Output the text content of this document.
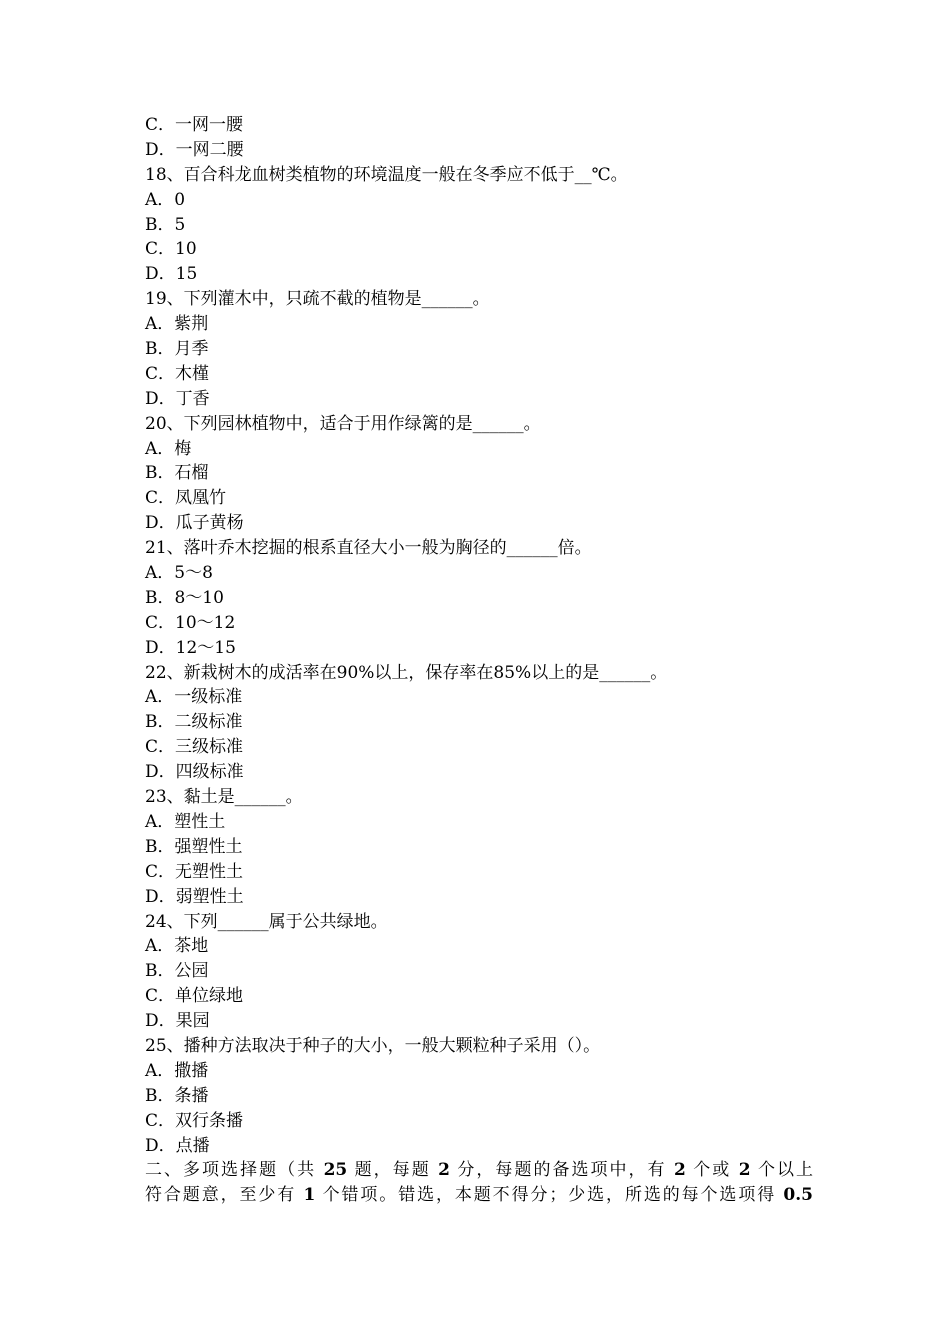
C．一网一腰
D．一网二腰
18、百合科龙血树类植物的环境温度一般在冬季应不低于__℃。
A．0
B．5
C．10
D．15
19、下列灌木中，只疏不截的植物是______。
A．紫荆
B．月季
C．木槿
D．丁香
20、下列园林植物中，适合于用作绿篱的是______。
A．梅
B．石榴
C．凤凰竹
D．瓜子黄杨
21、落叶乔木挖掘的根系直径大小一般为胸径的______倍。
A．5～8
B．8～10
C．10～12
D．12～15
22、新栽树木的成活率在90%以上，保存率在85%以上的是______。
A．一级标准
B．二级标准
C．三级标准
D．四级标准
23、黏土是______。
A．塑性土
B．强塑性土
C．无塑性土
D．弱塑性土
24、下列______属于公共绿地。
A．茶地
B．公园
C．单位绿地
D．果园
25、播种方法取决于种子的大小，一般大颗粒种子采用（）。
A．撒播
B．条播
C．双行条播
D．点播
二、多项选择题（共 25 题，每题 2 分，每题的备选项中，有 2 个或 2 个以上
符合题意，至少有 1 个错项。错选，本题不得分；少选，所选的每个选项得 0.5
